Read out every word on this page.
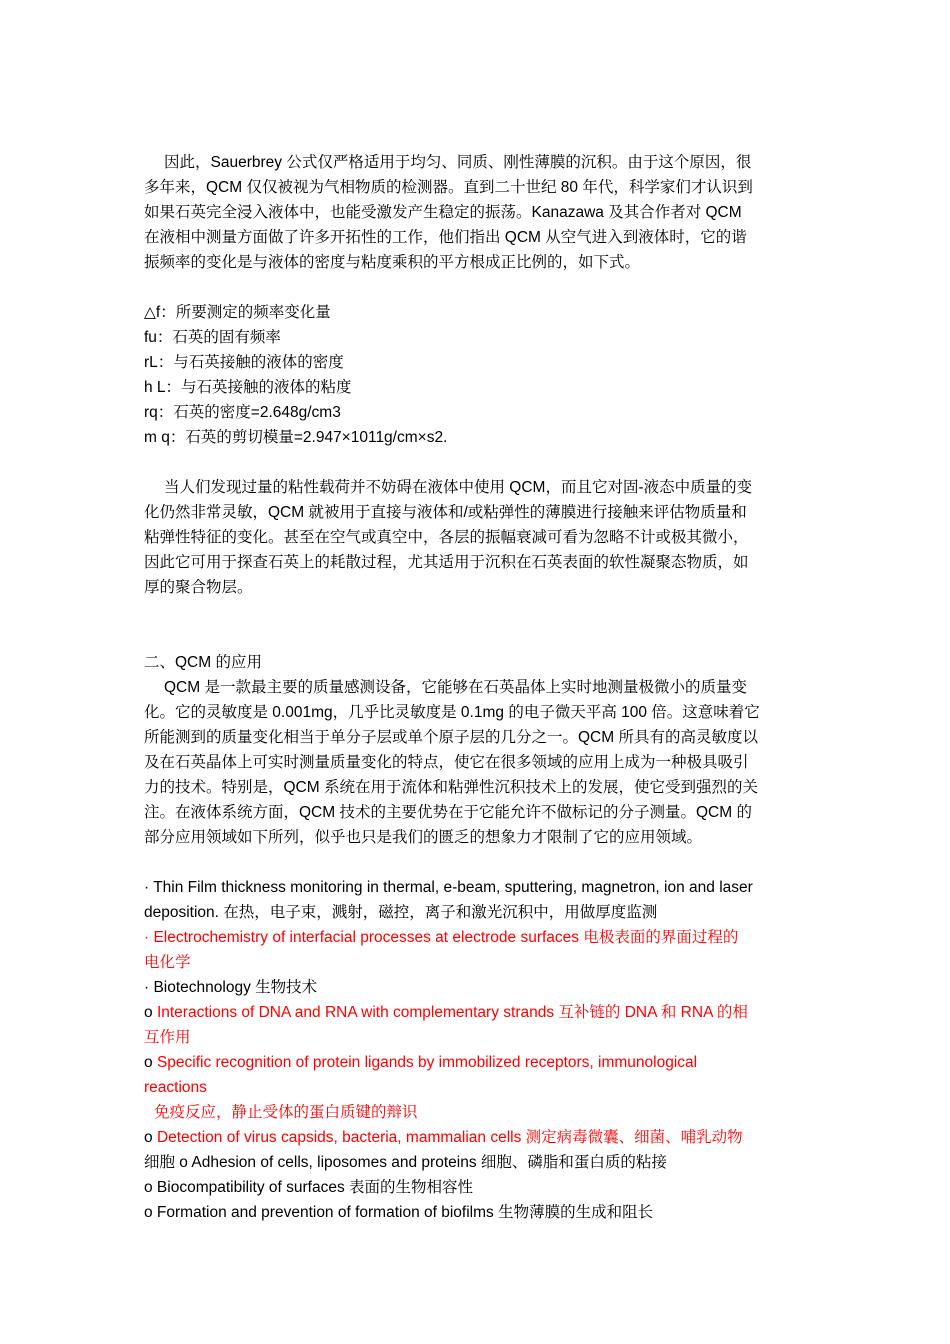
因此，Sauerbrey 公式仅严格适用于均匀、同质、刚性薄膜的沉积。由于这个原因，很
多年来，QCM 仅仅被视为气相物质的检测器。直到二十世纪 80 年代，科学家们才认识到
如果石英完全浸入液体中，也能受激发产生稳定的振荡。Kanazawa 及其合作者对 QCM
在液相中测量方面做了许多开拓性的工作，他们指出 QCM 从空气进入到液体时，它的谐
振频率的变化是与液体的密度与粘度乘积的平方根成正比例的，如下式。
△f：所要测定的频率变化量
fu：石英的固有频率
rL：与石英接触的液体的密度
h L：与石英接触的液体的粘度
rq：石英的密度=2.648g/cm3
m q：石英的剪切模量=2.947×1011g/cm×s2.
当人们发现过量的粘性载荷并不妨碍在液体中使用 QCM，而且它对固-液态中质量的变
化仍然非常灵敏，QCM 就被用于直接与液体和/或粘弹性的薄膜进行接触来评估物质量和
粘弹性特征的变化。甚至在空气或真空中，各层的振幅衰减可看为忽略不计或极其微小，
因此它可用于探查石英上的耗散过程，尤其适用于沉积在石英表面的软性凝聚态物质，如
厚的聚合物层。
二、QCM 的应用
QCM 是一款最主要的质量感测设备，它能够在石英晶体上实时地测量极微小的质量变
化。它的灵敏度是 0.001mg，几乎比灵敏度是 0.1mg 的电子微天平高 100 倍。这意味着它
所能测到的质量变化相当于单分子层或单个原子层的几分之一。QCM 所具有的高灵敏度以
及在石英晶体上可实时测量质量变化的特点，使它在很多领域的应用上成为一种极具吸引
力的技术。特别是，QCM 系统在用于流体和粘弹性沉积技术上的发展，使它受到强烈的关
注。在液体系统方面，QCM 技术的主要优势在于它能允许不做标记的分子测量。QCM 的
部分应用领域如下所列，似乎也只是我们的匮乏的想象力才限制了它的应用领域。
· Thin Film thickness monitoring in thermal, e-beam, sputtering, magnetron, ion and laser
deposition. 在热，电子束，溅射，磁控，离子和激光沉积中，用做厚度监测
· Electrochemistry of interfacial processes at electrode surfaces 电极表面的界面过程的
电化学
· Biotechnology 生物技术
o Interactions of DNA and RNA with complementary strands 互补链的 DNA 和 RNA 的相
互作用
o Specific recognition of protein ligands by immobilized receptors, immunological
reactions
免疫反应，静止受体的蛋白质键的辩识
o Detection of virus capsids, bacteria, mammalian cells 测定病毒微囊、细菌、哺乳动物
细胞 o Adhesion of cells, liposomes and proteins 细胞、磷脂和蛋白质的粘接
o Biocompatibility of surfaces 表面的生物相容性
o Formation and prevention of formation of biofilms 生物薄膜的生成和阻长
